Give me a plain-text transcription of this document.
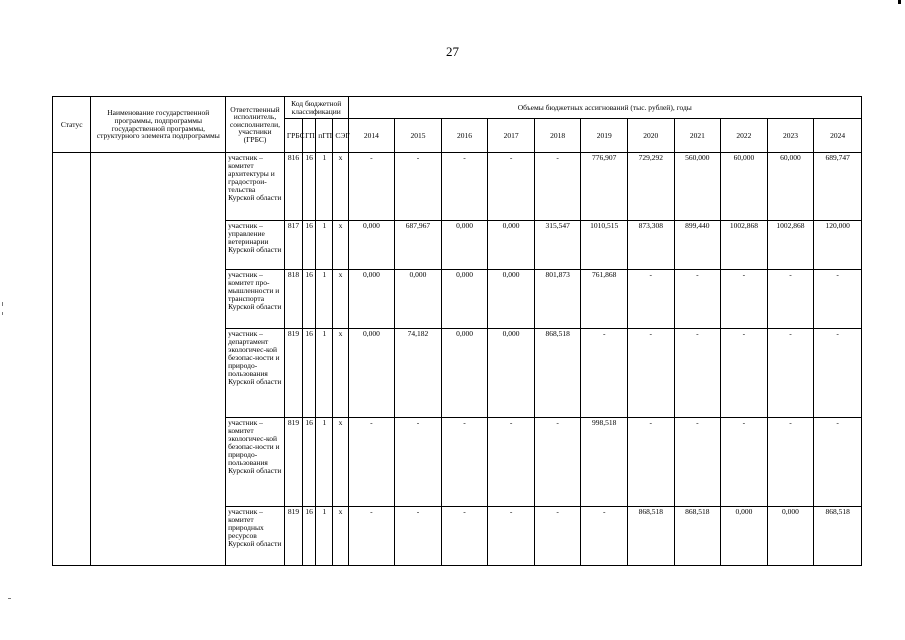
27
Статус	Наименование государственной программы, подпрограммы государственной программы, структурного элемента подпрограммы	Ответственный исполнитель, соисполнители, участники (ГРБС)	Код бюджетной классификации				Объемы бюджетных ассигнований (тыс. рублей), годы										
			ГРБС	ГП	пГП	СЭГ	2014	2015	2016	2017	2018	2019	2020	2021	2022	2023	2024
		участник – комитет архитектуры и градострои-тельства Курской области	816	16	1	х	-	-	-	-	-	776,907	729,292	560,000	60,000	60,000	689,747
		участник – управление ветеринарии Курской области	817	16	1	х	0,000	687,967	0,000	0,000	315,547	1010,515	873,308	899,440	1002,868	1002,868	120,000
		участник – комитет про-мышленности и транспорта Курской области	818	16	1	х	0,000	0,000	0,000	0,000	801,873	761,868	-	-	-	-	-
		участник – департамент экологичес-кой безопас-ности и природо-пользования Курской области	819	16	1	х	0,000	74,182	0,000	0,000	868,518	-	-	-	-	-	-
		участник – комитет экологичес-кой безопас-ности и природо-пользования Курской области	819	16	1	х	-	-	-	-	-	998,518	-	-	-	-	-
		участник – комитет природных ресурсов Курской области	819	16	1	х	-	-	-	-	-	-	868,518	868,518	0,000	0,000	868,518
